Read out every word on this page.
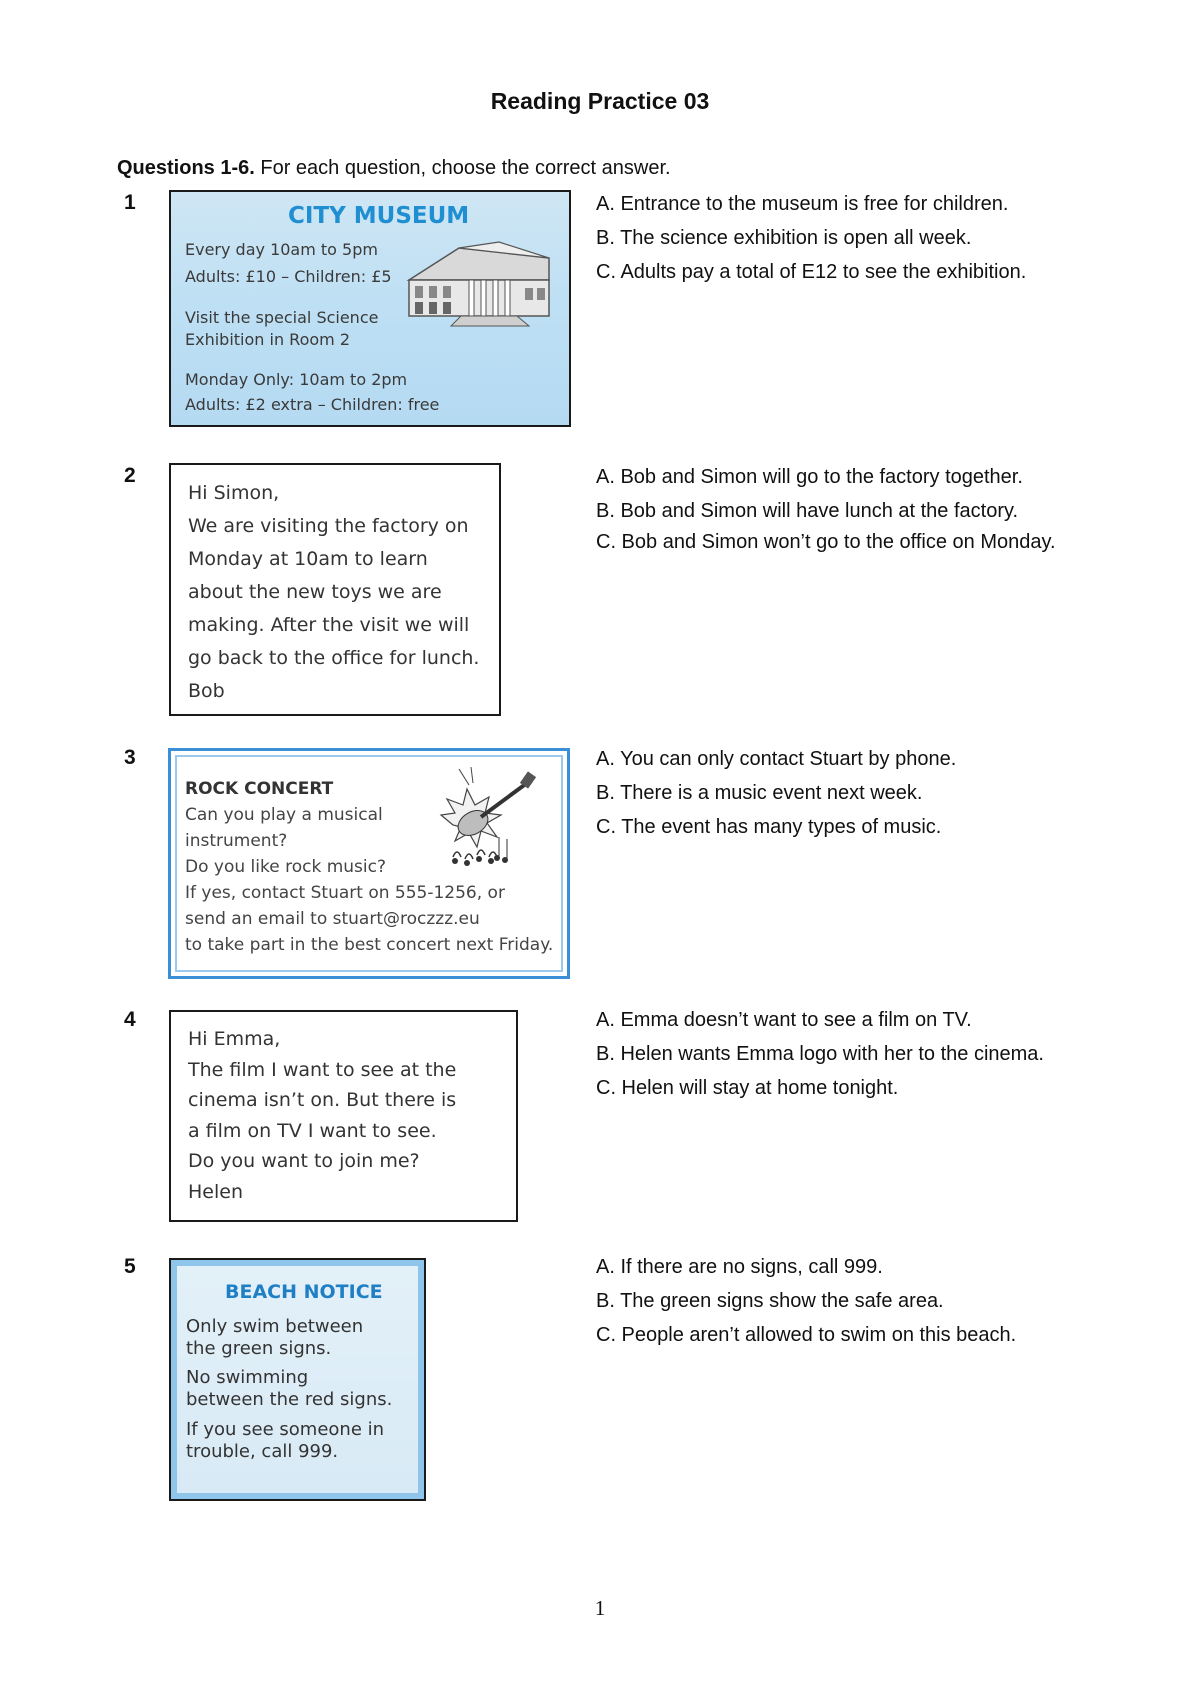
Reading Practice 03
Questions 1-6. For each question, choose the correct answer.
1
CITY MUSEUM
Every day 10am to 5pm
Adults: £10 – Children: £5
Visit the special Science
Exhibition in Room 2
Monday Only: 10am to 2pm
Adults: £2 extra – Children: free
A. Entrance to the museum is free for children.
B. The science exhibition is open all week.
C. Adults pay a total of E12 to see the exhibition.
2
Hi Simon,
We are visiting the factory on
Monday at 10am to learn
about the new toys we are
making. After the visit we will
go back to the office for lunch.
Bob
A. Bob and Simon will go to the factory together.
B. Bob and Simon will have lunch at the factory.
C. Bob and Simon won’t go to the office on Monday.
3
ROCK CONCERT
Can you play a musical
instrument?
Do you like rock music?
If yes, contact Stuart on 555-1256, or
send an email to stuart@roczzz.eu
to take part in the best concert next Friday.
A. You can only contact Stuart by phone.
B. There is a music event next week.
C. The event has many types of music.
4
Hi Emma,
The film I want to see at the
cinema isn’t on. But there is
a film on TV I want to see.
Do you want to join me?
Helen
A. Emma doesn’t want to see a film on TV.
B. Helen wants Emma logo with her to the cinema.
C. Helen will stay at home tonight.
5
BEACH NOTICE
Only swim between
the green signs.
No swimming
between the red signs.
If you see someone in
trouble, call 999.
A. If there are no signs, call 999.
B. The green signs show the safe area.
C. People aren’t allowed to swim on this beach.
1
